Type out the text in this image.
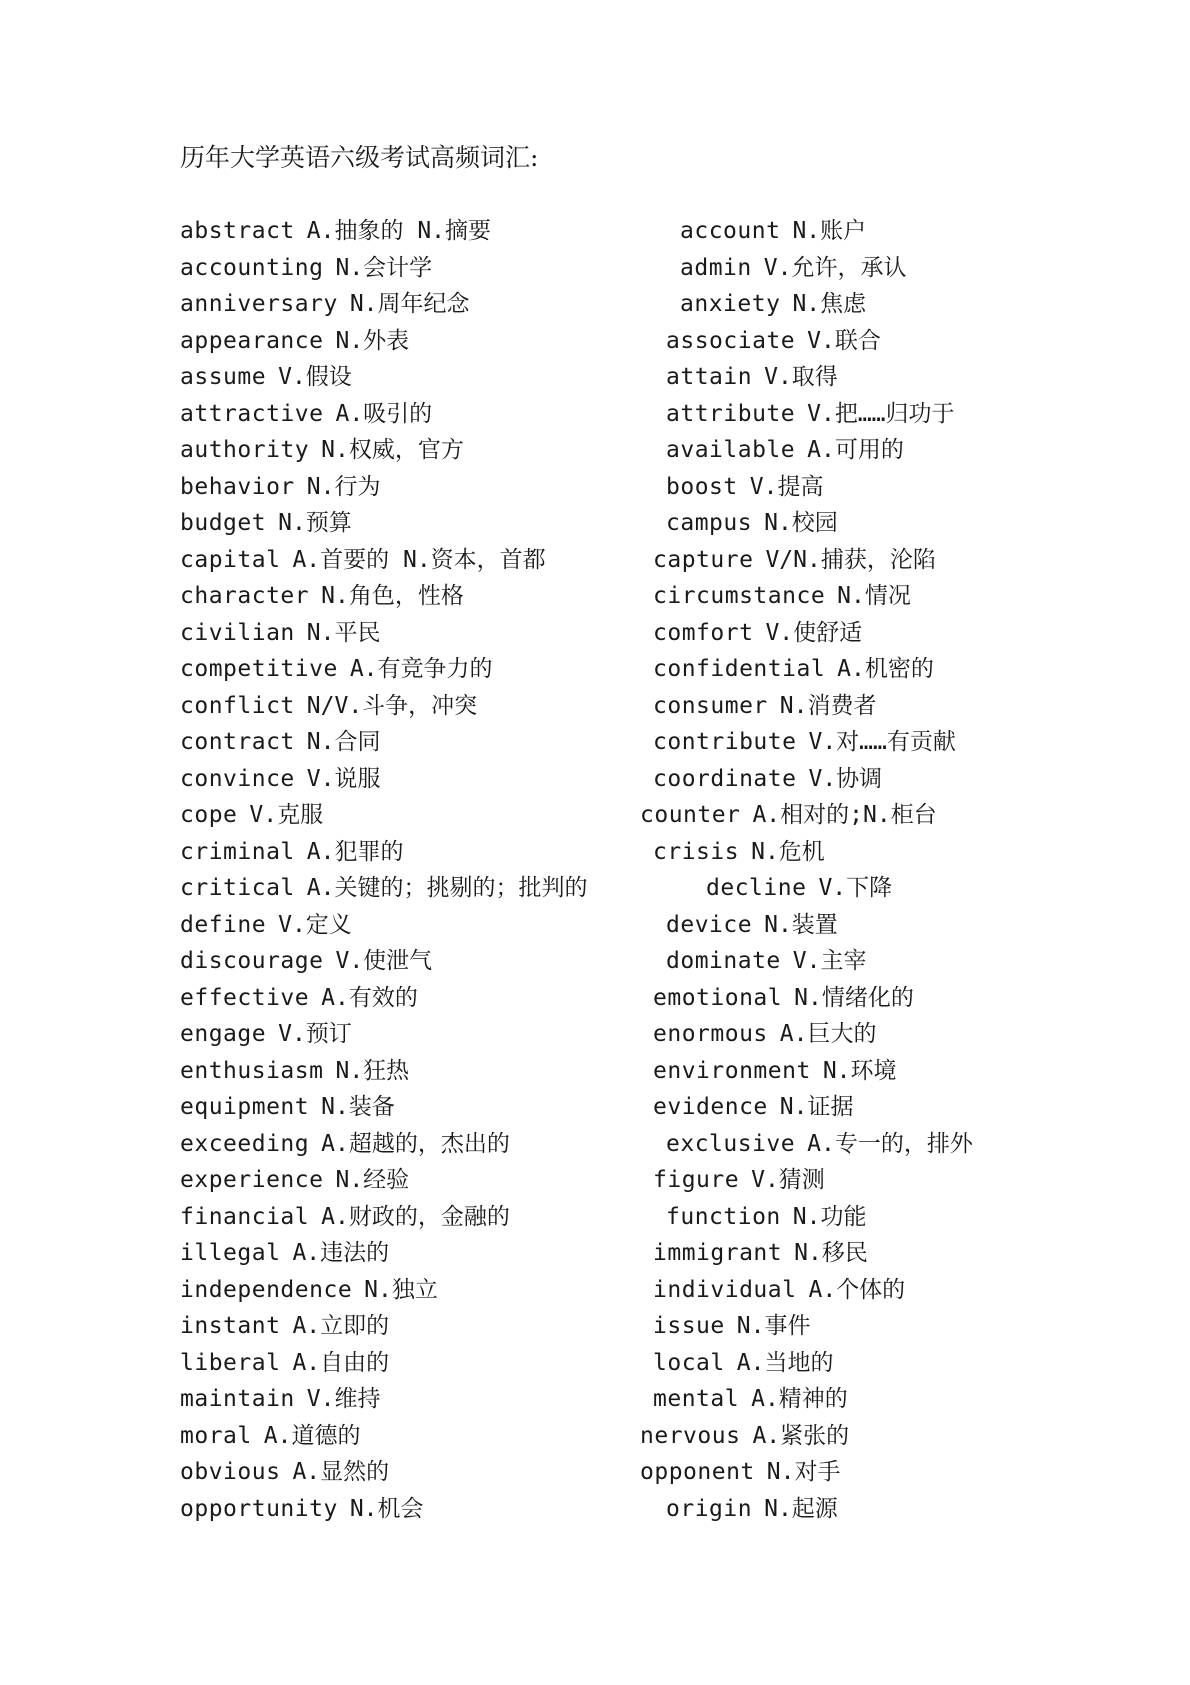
历年大学英语六级考试高频词汇:
abstract A.抽象的 N.摘要
accounting N.会计学
anniversary N.周年纪念
appearance N.外表
assume V.假设
attractive A.吸引的
authority N.权威，官方
behavior N.行为
budget N.预算
capital A.首要的 N.资本，首都
character N.角色，性格
civilian N.平民
competitive A.有竞争力的
conflict N/V.斗争，冲突
contract N.合同
convince V.说服
cope V.克服
criminal A.犯罪的
critical A.关键的；挑剔的；批判的
define V.定义
discourage V.使泄气
effective A.有效的
engage V.预订
enthusiasm N.狂热
equipment N.装备
exceeding A.超越的，杰出的
experience N.经验
financial A.财政的，金融的
illegal A.违法的
independence N.独立
instant A.立即的
liberal A.自由的
maintain V.维持
moral A.道德的
obvious A.显然的
opportunity N.机会
account N.账户
admin V.允许，承认
anxiety N.焦虑
associate V.联合
attain V.取得
attribute V.把……归功于
available A.可用的
boost V.提高
campus N.校园
capture V/N.捕获，沦陷
circumstance N.情况
comfort V.使舒适
confidential A.机密的
consumer N.消费者
contribute V.对……有贡献
coordinate V.协调
counter A.相对的;N.柜台
crisis N.危机
decline V.下降
device N.装置
dominate V.主宰
emotional N.情绪化的
enormous A.巨大的
environment N.环境
evidence N.证据
exclusive A.专一的，排外
figure V.猜测
function N.功能
immigrant N.移民
individual A.个体的
issue N.事件
local A.当地的
mental A.精神的
nervous A.紧张的
opponent N.对手
origin N.起源
